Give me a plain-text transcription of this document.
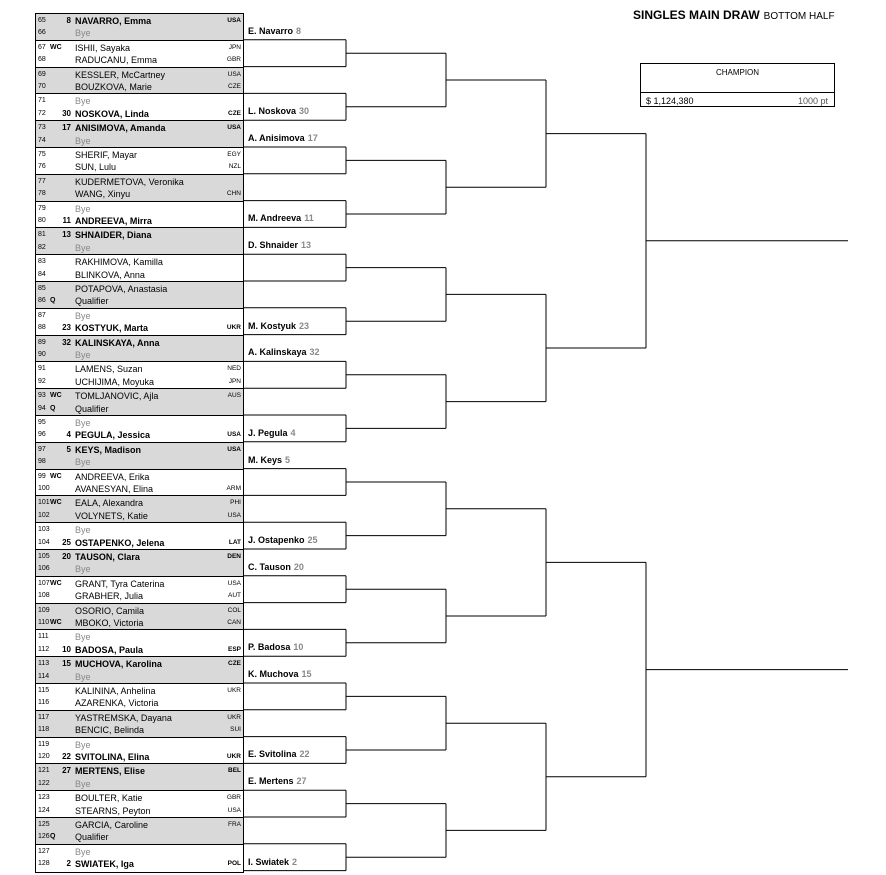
SINGLES MAIN DRAW BOTTOM HALF
CHAMPION
$ 1,124,380	1000 pt
65	8 NAVARRO, Emma	USA
66	Bye
67 WC ISHII, Sayaka	JPN
68	RADUCANU, Emma	GBR
69	KESSLER, McCartney	USA
70	BOUZKOVA, Marie	CZE
71	Bye
72 30 NOSKOVA, Linda	CZE
73 17 ANISIMOVA, Amanda	USA
74	Bye
75	SHERIF, Mayar	EGY
76	SUN, Lulu	NZL
77	KUDERMETOVA, Veronika
78	WANG, Xinyu	CHN
79	Bye
80 11 ANDREEVA, Mirra
81 13 SHNAIDER, Diana
82	Bye
83	RAKHIMOVA, Kamilla
84	BLINKOVA, Anna
85	POTAPOVA, Anastasia
86 Q Qualifier
87	Bye
88 23 KOSTYUK, Marta	UKR
89 32 KALINSKAYA, Anna
90	Bye
91	LAMENS, Suzan	NED
92	UCHIJIMA, Moyuka	JPN
93 WC TOMLJANOVIC, Ajla	AUS
94 Q Qualifier
95	Bye
96	4 PEGULA, Jessica	USA
97	5 KEYS, Madison	USA
98	Bye
99 WC ANDREEVA, Erika
100	AVANESYAN, Elina	ARM
101 WC EALA, Alexandra	PHI
102	VOLYNETS, Katie	USA
103	Bye
104 25 OSTAPENKO, Jelena	LAT
105 20 TAUSON, Clara	DEN
106	Bye
107 WC GRANT, Tyra Caterina	USA
108	GRABHER, Julia	AUT
109	OSORIO, Camila	COL
110 WC MBOKO, Victoria	CAN
111	Bye
112 10 BADOSA, Paula	ESP
113 15 MUCHOVA, Karolina	CZE
114	Bye
115	KALININA, Anhelina	UKR
116	AZARENKA, Victoria
117	YASTREMSKA, Dayana	UKR
118	BENCIC, Belinda	SUI
119	Bye
120 22 SVITOLINA, Elina	UKR
121 27 MERTENS, Elise	BEL
122	Bye
123	BOULTER, Katie	GBR
124	STEARNS, Peyton	USA
125	GARCIA, Caroline	FRA
126 Q Qualifier
127	Bye
128 2 SWIATEK, Iga	POL
E. Navarro 8
L. Noskova 30
A. Anisimova 17
M. Andreeva 11
D. Shnaider 13
M. Kostyuk 23
A. Kalinskaya 32
J. Pegula 4
M. Keys 5
J. Ostapenko 25
C. Tauson 20
P. Badosa 10
K. Muchova 15
E. Svitolina 22
E. Mertens 27
I. Swiatek 2
